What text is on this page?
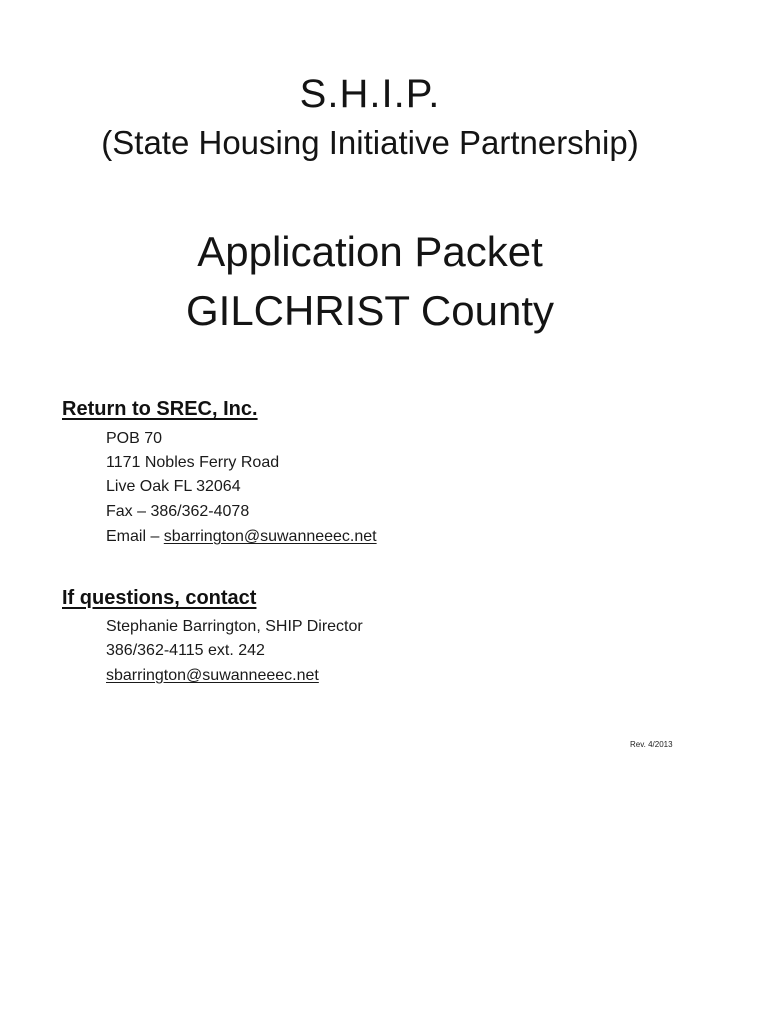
S.H.I.P.
(State Housing Initiative Partnership)
Application Packet
GILCHRIST County
Return to SREC, Inc.

POB 70

1171 Nobles Ferry Road

Live Oak FL 32064

Fax – 386/362-4078

Email – sbarrington@suwanneeec.net

If questions, contact

Stephanie Barrington, SHIP Director

386/362-4115 ext. 242

sbarrington@suwanneeec.net

Rev. 4/2013
